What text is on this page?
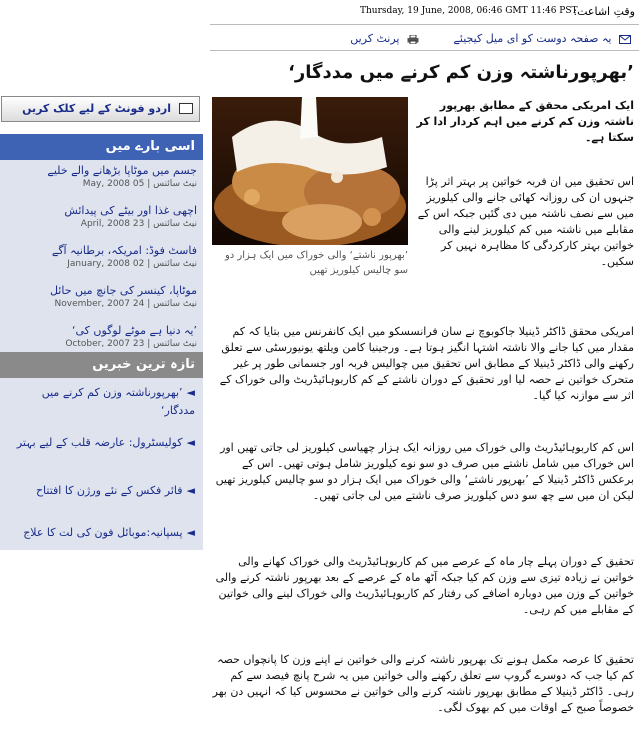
وقتِ اشاعت:
Thursday, 19 June, 2008, 06:46 GMT 11:46 PST
یہ صفحہ دوست کو ای میل کیجیئے
پرنٹ کریں
’بھرپورناشتہ وزن کم کرنے میں مددگار‘
اردو فونٹ کے لیے کلک کریں
اسی بارے میں
جسم میں موٹاپا بڑھانے والے خلیے
نیٹ سائنس | 05 May, 2008
اچھی غذا اور بیٹے کی پیدائش
نیٹ سائنس | 23 April, 2008
فاسٹ فوڈ: امریکہ، برطانیہ آگے
نیٹ سائنس | 02 January, 2008
موٹاپا، کینسر کی جانچ میں حائل
نیٹ سائنس | 24 November, 2007
’یہ دنیا ہے موٹے لوگوں کی‘
نیٹ سائنس | 23 October, 2007
تازہ ترین خبریں
◄’بھرپورناشتہ وزن کم کرنے میں مددگار‘
◄کولیسٹرول: عارضہ قلب کے لیے بہتر
◄فائر فکس کے نئے ورژن کا افتتاح
◄پسپانیہ:موبائل فون کی لت کا علاج
’بھرپور ناشتے‘ والی خوراک میں ایک ہزار دو سو چالیس کیلوریز تھیں
ایک امریکی محقق کے مطابق بھرپور ناشتہ وزن کم کرنے میں اہم کردار ادا کر سکتا ہے۔
اس تحقیق میں ان فربہ خواتین پر بہتر اثر پڑا جنہوں ان کی روزانہ کھائی جانے والی کیلوریز میں سے نصف ناشتہ میں دی گئیں جبکہ اس کے مقابلے میں ناشتہ میں کم کیلوریز لینے والی خواتین بہتر کارکردگی کا مظاہرہ نہیں کر سکیں۔
امریکی محقق ڈاکٹر ڈینیلا جاکوبوچ نے سان فرانسسکو میں ایک کانفرنس میں بتایا کہ کم مقدار میں کیا جانے والا ناشتہ اشتہا انگیز ہوتا ہے۔ ورجینیا کامن ویلتھ یونیورسٹی سے تعلق رکھنے والی ڈاکٹر ڈینیلا کے مطابق اس تحقیق میں چوالیس فربہ اور جسمانی طور پر غیر متحرک خواتین نے حصہ لیا اور تحقیق کے دوران ناشتے کے کم کاربوہائیڈریٹ والی خوراک کے اثر سے موازنہ کیا گیا۔
اس کم کاربوہائیڈریٹ والی خوراک میں روزانہ ایک ہزار چھیاسی کیلوریز لی جاتی تھیں اور اس خوراک میں شامل ناشتے میں صرف دو سو نوے کیلوریز شامل ہوتی تھیں۔ اس کے برعکس ڈاکٹر ڈینیلا کے ’بھرپور ناشتے‘ والی خوراک میں ایک ہزار دو سو چالیس کیلوریز تھیں لیکن ان میں سے چھ سو دس کیلوریز صرف ناشتے میں لی جاتی تھیں۔
تحقیق کے دوران پہلے چار ماہ کے عرصے میں کم کاربوہائیڈریٹ والی خوراک کھانے والی خواتین نے زیادہ تیزی سے وزن کم کیا جبکہ آٹھ ماہ کے عرصے کے بعد بھرپور ناشتہ کرنے والی خواتین کے وزن میں دوبارہ اضافے کی رفتار کم کاربوہائیڈریٹ والی خوراک لینے والی خواتین کے مقابلے میں کم رہی۔
تحقیق کا عرصہ مکمل ہونے تک بھرپور ناشتہ کرنے والی خواتین نے اپنے وزن کا پانچواں حصہ کم کیا جب کہ دوسرے گروپ سے تعلق رکھنے والی خواتین میں یہ شرح پانچ فیصد سے کم رہی۔ ڈاکٹر ڈینیلا کے مطابق بھرپور ناشتہ کرنے والی خواتین نے محسوس کیا کہ انہیں دن بھر خصوصاً صبح کے اوقات میں کم بھوک لگی۔
